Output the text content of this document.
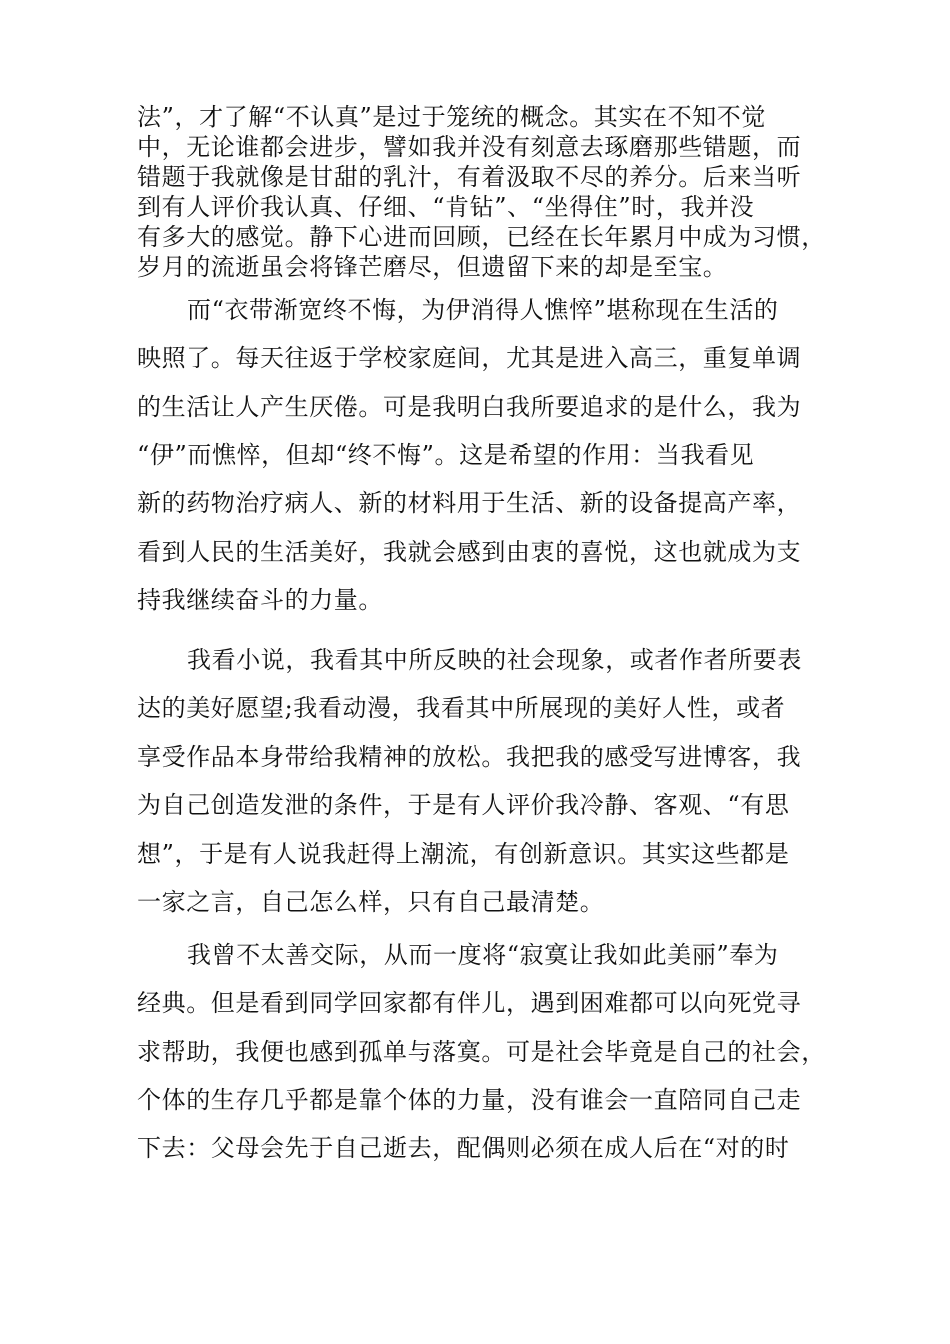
法”，才了解“不认真”是过于笼统的概念。其实在不知不觉
中，无论谁都会进步，譬如我并没有刻意去琢磨那些错题，而
错题于我就像是甘甜的乳汁，有着汲取不尽的养分。后来当听
到有人评价我认真、仔细、“肯钻”、“坐得住”时，我并没
有多大的感觉。静下心进而回顾，已经在长年累月中成为习惯，
岁月的流逝虽会将锋芒磨尽，但遗留下来的却是至宝。
而“衣带渐宽终不悔，为伊消得人憔悴”堪称现在生活的
映照了。每天往返于学校家庭间，尤其是进入高三，重复单调
的生活让人产生厌倦。可是我明白我所要追求的是什么，我为
“伊”而憔悴，但却“终不悔”。这是希望的作用：当我看见
新的药物治疗病人、新的材料用于生活、新的设备提高产率，
看到人民的生活美好，我就会感到由衷的喜悦，这也就成为支
持我继续奋斗的力量。
我看小说，我看其中所反映的社会现象，或者作者所要表
达的美好愿望;我看动漫，我看其中所展现的美好人性，或者
享受作品本身带给我精神的放松。我把我的感受写进博客，我
为自己创造发泄的条件，于是有人评价我冷静、客观、“有思
想”，于是有人说我赶得上潮流，有创新意识。其实这些都是
一家之言，自己怎么样，只有自己最清楚。
我曾不太善交际，从而一度将“寂寞让我如此美丽”奉为
经典。但是看到同学回家都有伴儿，遇到困难都可以向死党寻
求帮助，我便也感到孤单与落寞。可是社会毕竟是自己的社会，
个体的生存几乎都是靠个体的力量，没有谁会一直陪同自己走
下去：父母会先于自己逝去，配偶则必须在成人后在“对的时
